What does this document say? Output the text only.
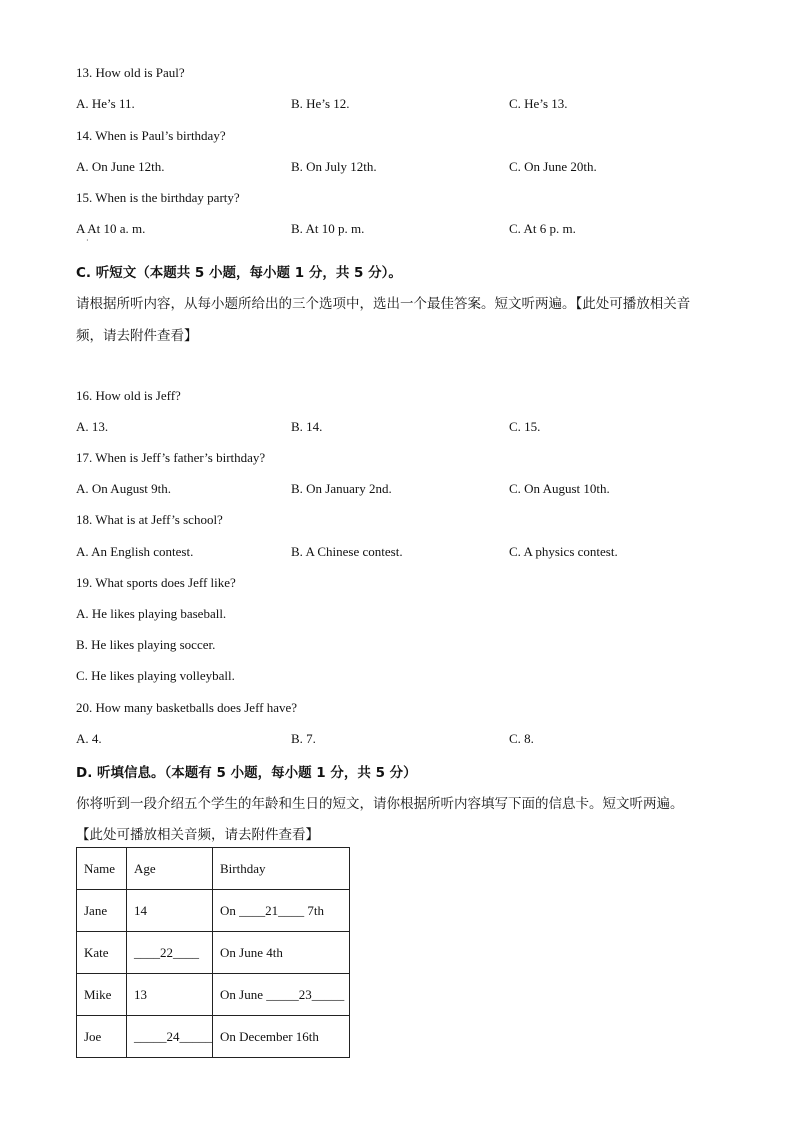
13. How old is Paul?
A. He’s 11.	B. He’s 12.	C. He’s 13.
14. When is Paul’s birthday?
A. On June 12th.	B. On July 12th.	C. On June 20th.
15. When is the birthday party?
A At 10 a. m.	B. At 10 p. m.	C. At 6 p. m.
·
C. 听短文（本题共 5 小题，每小题 1 分，共 5 分）。
请根据所听内容，从每小题所给出的三个选项中，选出一个最佳答案。短文听两遍。【此处可播放相关音
频，请去附件查看】
16. How old is Jeff?
A. 13.	B. 14.	C. 15.
17. When is Jeff’s father’s birthday?
A. On August 9th.	B. On January 2nd.	C. On August 10th.
18. What is at Jeff’s school?
A. An English contest.	B. A Chinese contest.	C. A physics contest.
19. What sports does Jeff like?
A. He likes playing baseball.
B. He likes playing soccer.
C. He likes playing volleyball.
20. How many basketballs does Jeff have?
A. 4.	B. 7.	C. 8.
D. 听填信息。（本题有 5 小题，每小题 1 分，共 5 分）
你将听到一段介绍五个学生的年龄和生日的短文，请你根据所听内容填写下面的信息卡。短文听两遍。
【此处可播放相关音频，请去附件查看】
Name	Age	Birthday
Jane	14	On ____21____ 7th
Kate	____22____	On June 4th
Mike	13	On June _____23_____
Joe	_____24_____	On December 16th
